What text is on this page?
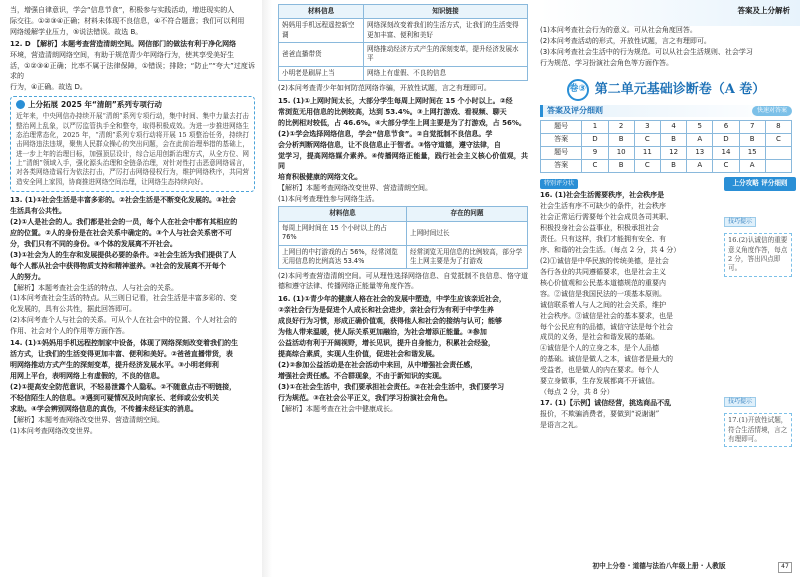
答案及上分解析

当，增强自律意识，学会“信息节食”，积极参与实践活动，增进现实的人

际交往。①②③④正确；材料未体现不良信息，④不符合题意；我们可以利用

网络缓解学业压力，⑤说法错误。故选 B。

12. D 【解析】本题考查营造清朗空间。网信部门的做法有利于净化网络

环境，营造清朗网络空间，有助于规范青少年网络行为，使其享受美好生

活，①②③④正确；比率不属于法律保障，①错误；排除；“防止”“夸大”过度诉求的

行为，④正确。故选 D。

上分拓展 2025 年“清朗”系列专项行动

近年来，中央网信办持续开展“清朗”系列专项行动，集中时间、集中力量去打击整治网上乱象，以严厉监管执手全和整夸，取得积极成效。为进一步推进网络生态治理常态化，2025 年，“清朗”系列专项行动将开展 15 项整治任务，持续打击网络违法违规，聚焦人民群众操心的突出问题，会在此前治理举措的基础上，进一步上年的治理目标，加强顶层设计，综合运用创新治理方式，从全方位、网上“清朗”领域入手，强化源头治理和全链条治理，对针对性打击恶意网络谣言，对各类网络造谣行为依法打击，严厉打击网络侵权行为，维护网络秩序，共同营造安全网上家园，协商推进网络空间治理，让网络生态持续向好。

13. (1)①社会生活是丰富多彩的。②社会生活是不断变化发展的。③社会

生活具有公共性。

(2)①人是社会的人。我们都是社会的一员，每个人在社会中都有其相应的

应的位置。②人的身份是在社会关系中确定的。③个人与社会关系密不可

分，我们只有不同的身份。④个体的发展离不开社会。

(3)①社会为人的生存和发展提供必要的条件。②社会生活为我们提供了人

每个人都从社会中获得物质支持和精神滋养。③社会的发展离不开每个

人的努力。

【解析】本题考查社会生活的特点、人与社会的关系。

(1)本问考查社会生活的特点。从三则日记看，社会生活是丰富多彩的、变

化发展的，具有公共性，据此回答即可。

(2)本问考查个人与社会的关系。可从个人在社会中的位置、个人对社会的

作用、社会对个人的作用等方面作答。

14. (1)①妈妈用手机远程控制家中设备，体现了网络深刻改变着我们的生

活方式，让我们的生活变得更加丰富、便利和美好。②爸爸直播带货，表

明网络推动方式产生的深刻变革，提升经济发展水平。③小明老师利

用网上平台，表明网络上有虚假的，不良的信息。

(2)①提高安全防范意识，不轻易泄露个人隐私。②不随意点击不明链接，

不轻信陌生人的信息。③遇到可疑情况及时向家长、老师或公安机关

求助。④学会辨别网络信息的真伪，不传播未经证实的消息。

【解析】本题考查网络改变世界、营造清朗空间。

(1)本问考查网络改变世界。

材料信息	知识链接
妈妈用手机远程遥控新空调	网络深刻改变着我们的生活方式，让我们的生活变得更加丰富、便利和美好
爸爸直播带货	网络推动经济方式产生的深刻变革，提升经济发展水平
小明老是刷屏上当	网络上有虚假、不良的信息

(2)本问考查青少年如何防范网络诈骗，开放性试题，言之有理即可。

15. (1)①上网时间太长，大部分学生每周上网时间在 15 个小时以上。②经

常浏览无用信息的比例较高，达到 53.4%。③上网打游戏、看视频、聊天

的比例相对较低，占 46.6%。④大部分学生上网主要是为了打游戏，占 56%。

(2)①学会选择网络信息，学会“信息节食”。②自觉抵制不良信息。学

会分析判断网络信息，让不良信息止于智者。③恪守道德，遵守法律，自

觉学习，提高网络媒介素养。④传播网络正能量，践行社会主义核心价值观，共同

培育积极健康的网络文化。

【解析】本题考查网络改变世界、营造清朗空间。

(1)本问考查理性参与网络生活。

材料信息	存在的问题
每周上网时间在 15 个小时以上的占 76%	上网时间过长
上网目的中打游戏的占 56%，经常浏览无用信息的比例高达 53.4%	经常浏览无用信息的比例较高，部分学生上网主要是为了打游戏

(2)本问考查营造清朗空间。可从理性选择网络信息、自觉抵制不良信息、恪守道德和遵守法律、传播网络正能量等角度作答。

16. (1)①青少年的健康人格在社会的发展中塑造，中学生应该亲近社会，

②亲社会行为是促进个人成长和社会进步，亲社会行为有利于中学生养

成良好行为习惯，形成正确价值观，获得他人和社会的接纳与认可；能够

为他人带来温暖，使人际关系更加融洽，为社会增添正能量。③参加

公益活动有利于开阔视野，增长见识，提升自身能力，积累社会经验，

提高综合素质，实现人生价值，促进社会和谐发展。

(2)②参加公益活动是在社会活动中来回，从中增强社会责任感，

增强社会责任感。不合群现象，不由于新知识的实现。

(3)①在社会生活中，我们要承担社会责任。②在社会生活中，我们要学习

行为规范。③在社会公平正义，我们学习扮演社会角色。

【解析】本题考查在社会中健康成长。

(1)本问考查社会行为的意义。可从社会角度回答。

(2)本问考查活动的形式，开放性试题，言之有理即可。

(3)本问考查社会生活中的行为规范。可以从社会生活规则、社会学习

行为规范、学习扮演社会角色等方面作答。

卷③ 第二单元基础诊断卷（A 卷）
答案及评分细则	快速对答案
题号	1	2	3	4	5	6	7	8
答案	D	B	C	B	A	D	B	C
题号	9	10	11	12	13	14	15	
答案	C	B	C	B	A	C	A	
特别评分状

16. (1)社会生活需要秩序，社会秩序是

社会生活有序不可缺少的条件，社会秩序

社会正常运行需要每个社会成员各司其职、

积极投身社会公益事业，积极承担社会

责任。只有这样，我们才能拥有安全、有

序、和谐的社会生活。（每点 2 分，共 4 分）

(2)①诚信是中华民族的传统美德，是社会

各行各业的共同遵循要求，也是社会主义

核心价值观和公民基本道德规范的重要内

容。②诚信是我国民法的一项基本原则。

诚信联系着人与人之间的社会关系，维护

社会秩序。③诚信是社会的基本要求，也是

每个公民应有的品德，诚信守法是每个社会

成员的义务，是社会和谐发展的基础。

④诚信是个人的立身之本，是个人品德

的基础。诚信是做人之本，诚信者是最大的

受益者，也是做人的内在要求。每个人

要立身做事，生存发展都离不开诚信。

（每点 2 分，共 8 分）

17. (1)【示例】诚信经营，挑选商品不乱

报价，不欺骗消费者，要做到“说谢谢”

是语言之礼。

上分攻略 评分细则
技巧提示
16.(2)认诚信的重要意义角度作答，每点 2 分，答出四点即可。
技巧提示
17.(1)开放性试题，符合生活情境，言之有理即可。
初中上分卷 · 道德与法治八年级上册 · 人教版	47
